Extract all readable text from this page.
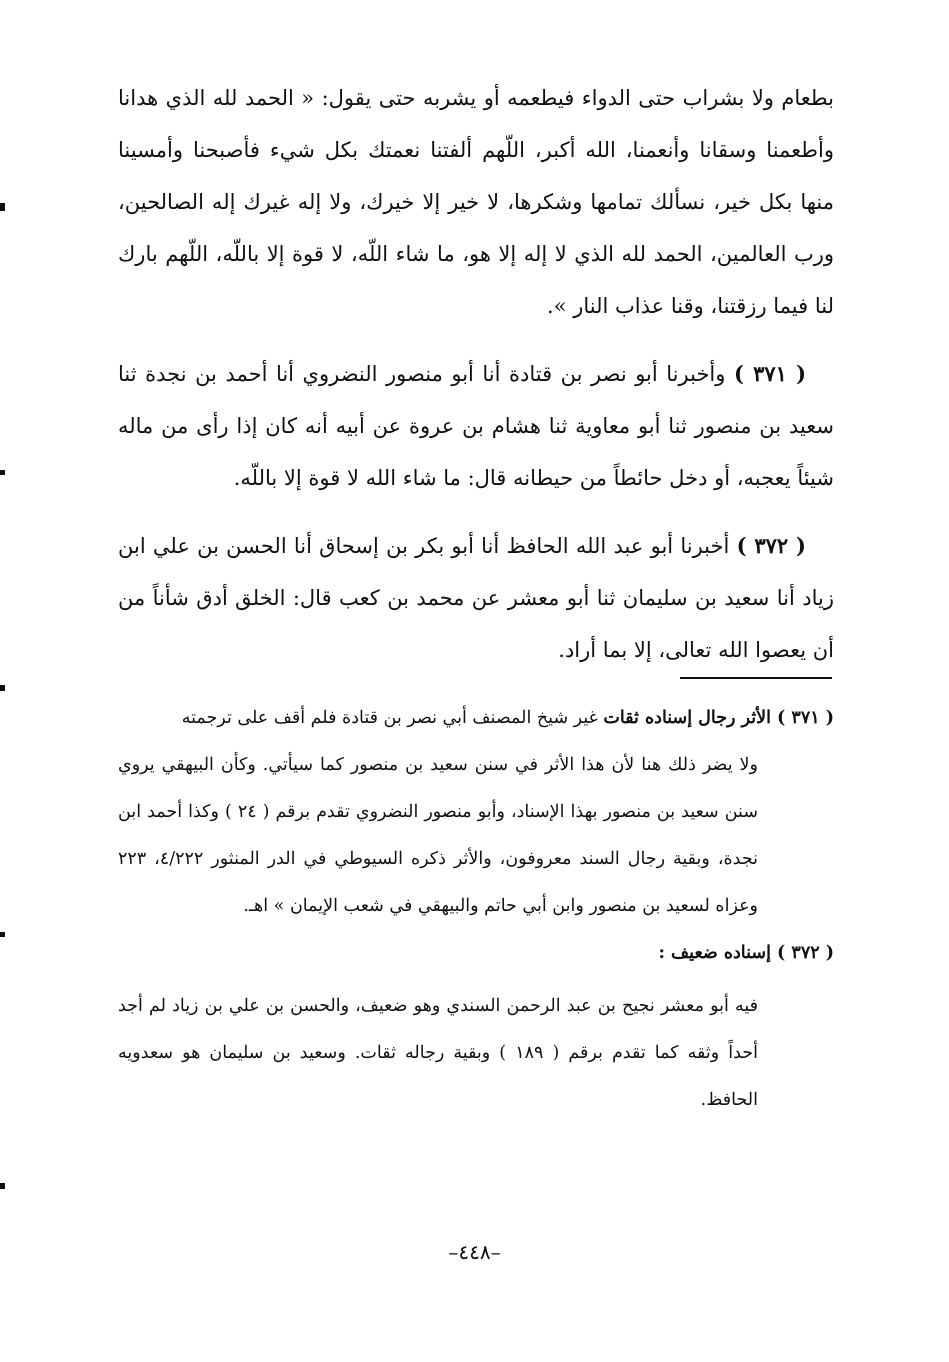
بطعام ولا بشراب حتى الدواء فيطعمه أو يشربه حتى يقول: « الحمد لله الذي هدانا وأطعمنا وسقانا وأنعمنا، الله أكبر، اللّهم ألفتنا نعمتك بكل شيء فأصبحنا وأمسينا منها بكل خير، نسألك تمامها وشكرها، لا خير إلا خيرك، ولا إله غيرك إله الصالحين، ورب العالمين، الحمد لله الذي لا إله إلا هو، ما شاء اللّه، لا قوة إلا باللّه، اللّهم بارك لنا فيما رزقتنا، وقنا عذاب النار ».

( ٣٧١ ) وأخبرنا أبو نصر بن قتادة أنا أبو منصور النضروي أنا أحمد بن نجدة ثنا سعيد بن منصور ثنا أبو معاوية ثنا هشام بن عروة عن أبيه أنه كان إذا رأى من ماله شيئاً يعجبه، أو دخل حائطاً من حيطانه قال: ما شاء الله لا قوة إلا باللّه.

( ٣٧٢ ) أخبرنا أبو عبد الله الحافظ أنا أبو بكر بن إسحاق أنا الحسن بن علي ابن زياد أنا سعيد بن سليمان ثنا أبو معشر عن محمد بن كعب قال: الخلق أدق شأناً من أن يعصوا الله تعالى، إلا بما أراد.

( ٣٧١ ) الأثر رجال إسناده ثقات غير شيخ المصنف أبي نصر بن قتادة فلم أقف على ترجمته

ولا يضر ذلك هنا لأن هذا الأثر في سنن سعيد بن منصور كما سيأتي. وكأن البيهقي يروي سنن سعيد بن منصور بهذا الإسناد، وأبو منصور النضروي تقدم برقم ( ٢٤ ) وكذا أحمد ابن نجدة، وبقية رجال السند معروفون، والأثر ذكره السيوطي في الدر المنثور ٤/٢٢٢، ٢٢٣ وعزاه لسعيد بن منصور وابن أبي حاتم والبيهقي في شعب الإيمان » اهـ.

( ٣٧٢ ) إسناده ضعيف :

فيه أبو معشر نجيح بن عبد الرحمن السندي وهو ضعيف، والحسن بن علي بن زياد لم أجد أحداً وثقه كما تقدم برقم ( ١٨٩ ) وبقية رجاله ثقات. وسعيد بن سليمان هو سعدويه الحافظ.

–٤٤٨–
